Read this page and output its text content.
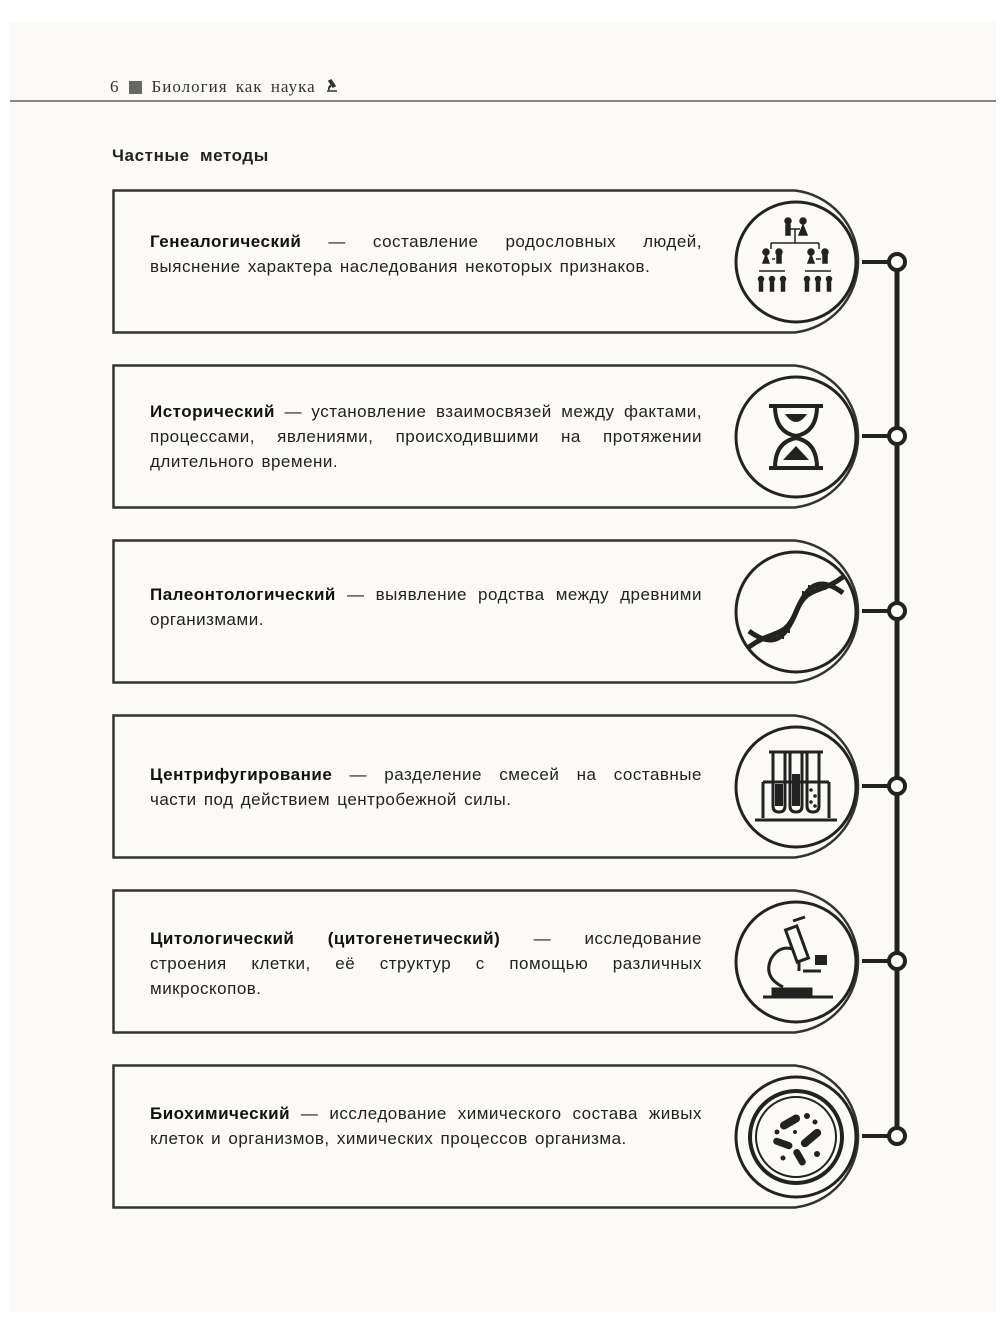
6 Биология как наука
Частные методы
Генеалогический — составление родословных людей, выяснение характера наследования некоторых признаков.
Исторический — установление взаимосвязей между фактами, процессами, явлениями, происходившими на протяжении длительного времени.
Палеонтологический — выявление родства между древними организмами.
Центрифугирование — разделение смесей на составные части под действием центробежной силы.
Цитологический (цитогенетический) — исследование строения клетки, её структур с помощью различных микроскопов.
Биохимический — исследование химического состава живых клеток и организмов, химических процессов организма.
